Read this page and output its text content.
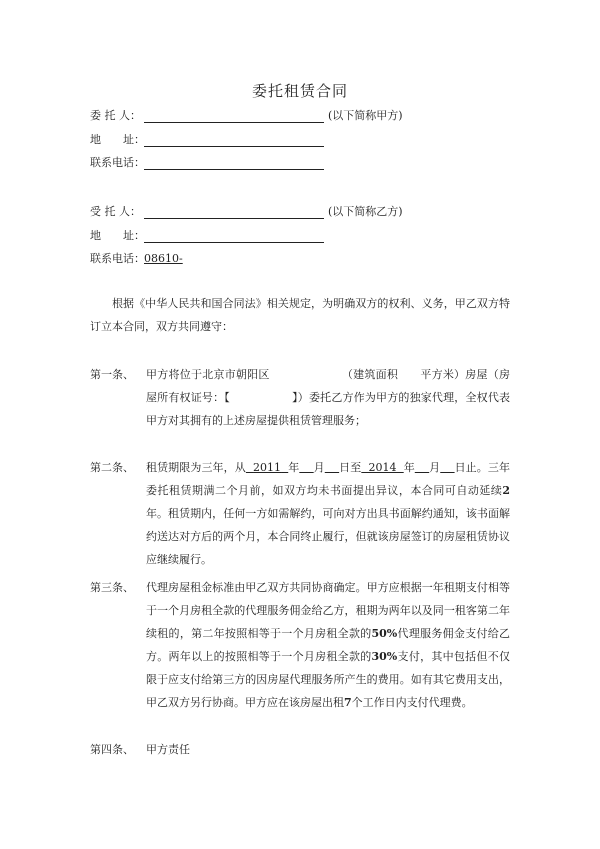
委托租赁合同
委 托 人：	(以下简称甲方)
地　　址：
联系电话：
受 托 人：	(以下简称乙方)
地　　址：
联系电话： 08610-
根据《中华人民共和国合同法》相关规定，为明确双方的权利、义务，甲乙双方特订立本合同，双方共同遵守：
第一条、 甲方将位于北京市朝阳区	（建筑面积 平方米）房屋（房屋所有权证号：【	】）委托乙方作为甲方的独家代理，全权代表甲方对其拥有的上述房屋提供租赁管理服务；
第二条、 租赁期限为三年，从 2011 年 月 日至 2014 年 月 日止。三年委托租赁期满二个月前，如双方均未书面提出异议，本合同可自动延续2年。租赁期内，任何一方如需解约，可向对方出具书面解约通知，该书面解约送达对方后的两个月，本合同终止履行，但就该房屋签订的房屋租赁协议应继续履行。
第三条、 代理房屋租金标准由甲乙双方共同协商确定。甲方应根据一年租期支付相等于一个月房租全款的代理服务佣金给乙方，租期为两年以及同一租客第二年续租的，第二年按照相等于一个月房租全款的50%代理服务佣金支付给乙方。两年以上的按照相等于一个月房租全款的30%支付，其中包括但不仅限于应支付给第三方的因房屋代理服务所产生的费用。如有其它费用支出，甲乙双方另行协商。甲方应在该房屋出租7个工作日内支付代理费。
第四条、 甲方责任
